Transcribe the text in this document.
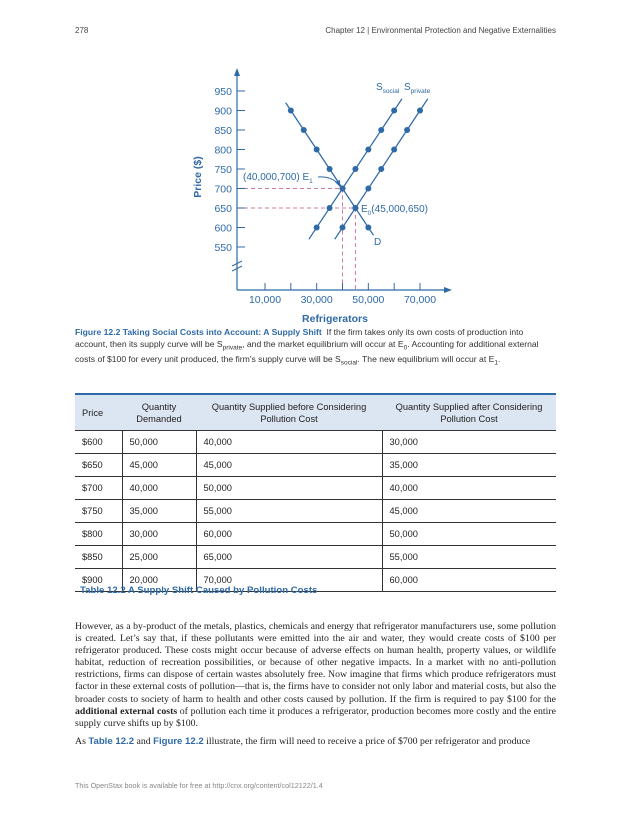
278	Chapter 12 | Environmental Protection and Negative Externalities
550
600
650
700
750
800
850
900
950
10,000 30,000 50,000 70,000
Price ($)
Refrigerators
$S_{social}$ $S_{private}$
D
(40,000,700) $E_1$
$E_0(45,000,650)$
Figure 12.2 Taking Social Costs into Account: A Supply Shift If the firm takes only its own costs of production into account, then its supply curve will be $S_{private}$, and the market equilibrium will occur at $E_0$. Accounting for additional external costs of $100 for every unit produced, the firm's supply curve will be $S_{social}$. The new equilibrium will occur at $E_1$.
Price	Quantity Demanded	Quantity Supplied before Considering Pollution Cost	Quantity Supplied after Considering Pollution Cost
$600	50,000	40,000	30,000
$650	45,000	45,000	35,000
$700	40,000	50,000	40,000
$750	35,000	55,000	45,000
$800	30,000	60,000	50,000
$850	25,000	65,000	55,000
$900	20,000	70,000	60,000
Table 12.2 A Supply Shift Caused by Pollution Costs

However, as a by-product of the metals, plastics, chemicals and energy that refrigerator manufacturers use, some pollution is created. Let’s say that, if these pollutants were emitted into the air and water, they would create costs of $100 per refrigerator produced. These costs might occur because of adverse effects on human health, property values, or wildlife habitat, reduction of recreation possibilities, or because of other negative impacts. In a market with no anti-pollution restrictions, firms can dispose of certain wastes absolutely free. Now imagine that firms which produce refrigerators must factor in these external costs of pollution—that is, the firms have to consider not only labor and material costs, but also the broader costs to society of harm to health and other costs caused by pollution. If the firm is required to pay $100 for the additional external costs of pollution each time it produces a refrigerator, production becomes more costly and the entire supply curve shifts up by $100.

As Table 12.2 and Figure 12.2 illustrate, the firm will need to receive a price of $700 per refrigerator and produce
This OpenStax book is available for free at http://cnx.org/content/col12122/1.4
